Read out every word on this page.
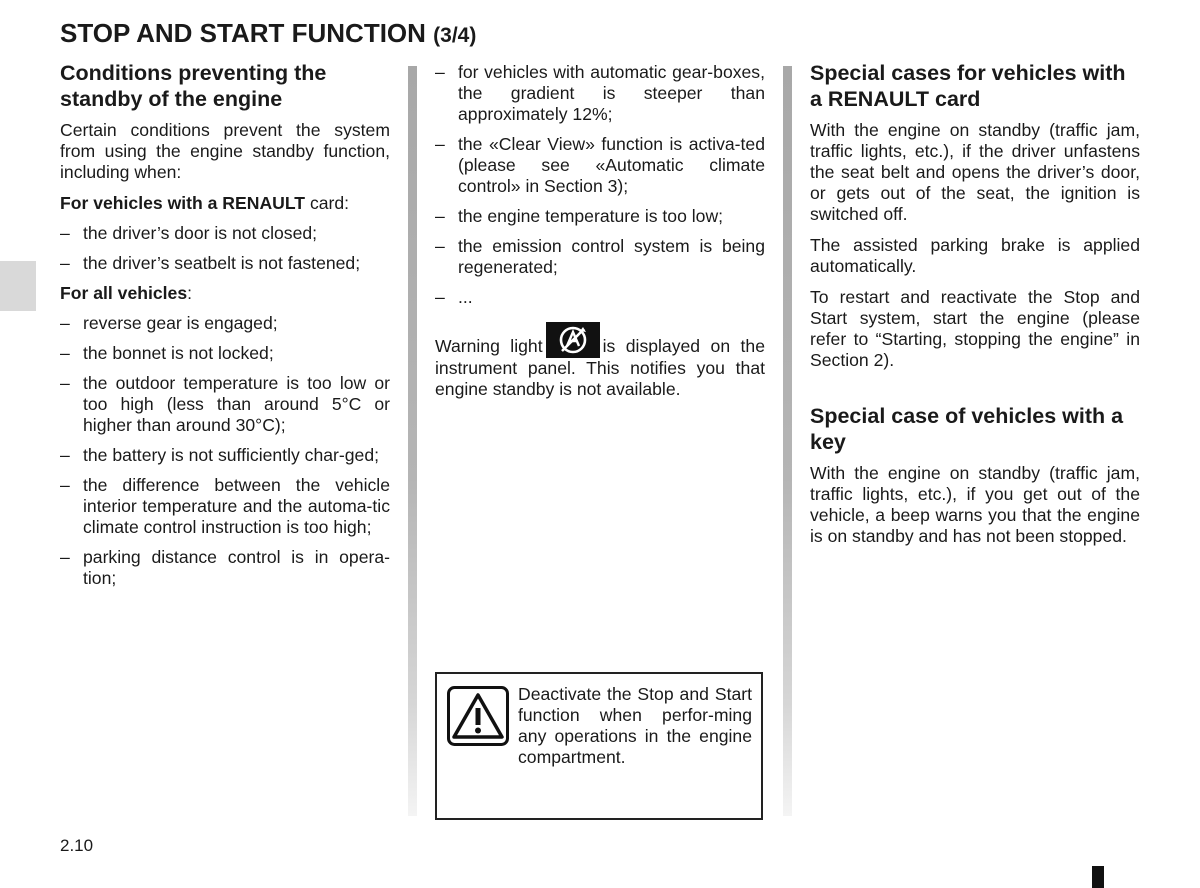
STOP AND START FUNCTION (3/4)
Conditions preventing the standby of the engine

Certain conditions prevent the system from using the engine standby function, including when:

For vehicles with a RENAULT card:

– the driver’s door is not closed;
– the driver’s seatbelt is not fastened;

For all vehicles:

– reverse gear is engaged;
– the bonnet is not locked;
– the outdoor temperature is too low or too high (less than around 5°C or higher than around 30°C);
– the battery is not sufficiently char-ged;
– the difference between the vehicle interior temperature and the automa-tic climate control instruction is too high;
– parking distance control is in opera-tion;
– for vehicles with automatic gear-boxes, the gradient is steeper than approximately 12%;
– the «Clear View» function is activa-ted (please see «Automatic climate control» in Section 3);
– the engine temperature is too low;
– the emission control system is being regenerated;
– ...

Warning light	is displayed on the instrument panel. This notifies you that engine standby is not available.

Deactivate the Stop and Start function when perfor-ming any operations in the engine compartment.
Special cases for vehicles with a RENAULT card

With the engine on standby (traffic jam, traffic lights, etc.), if the driver unfastens the seat belt and opens the driver’s door, or gets out of the seat, the ignition is switched off.

The assisted parking brake is applied automatically.

To restart and reactivate the Stop and Start system, start the engine (please refer to “Starting, stopping the engine” in Section 2).

Special case of vehicles with a key

With the engine on standby (traffic jam, traffic lights, etc.), if you get out of the vehicle, a beep warns you that the engine is on standby and has not been stopped.

2.10
